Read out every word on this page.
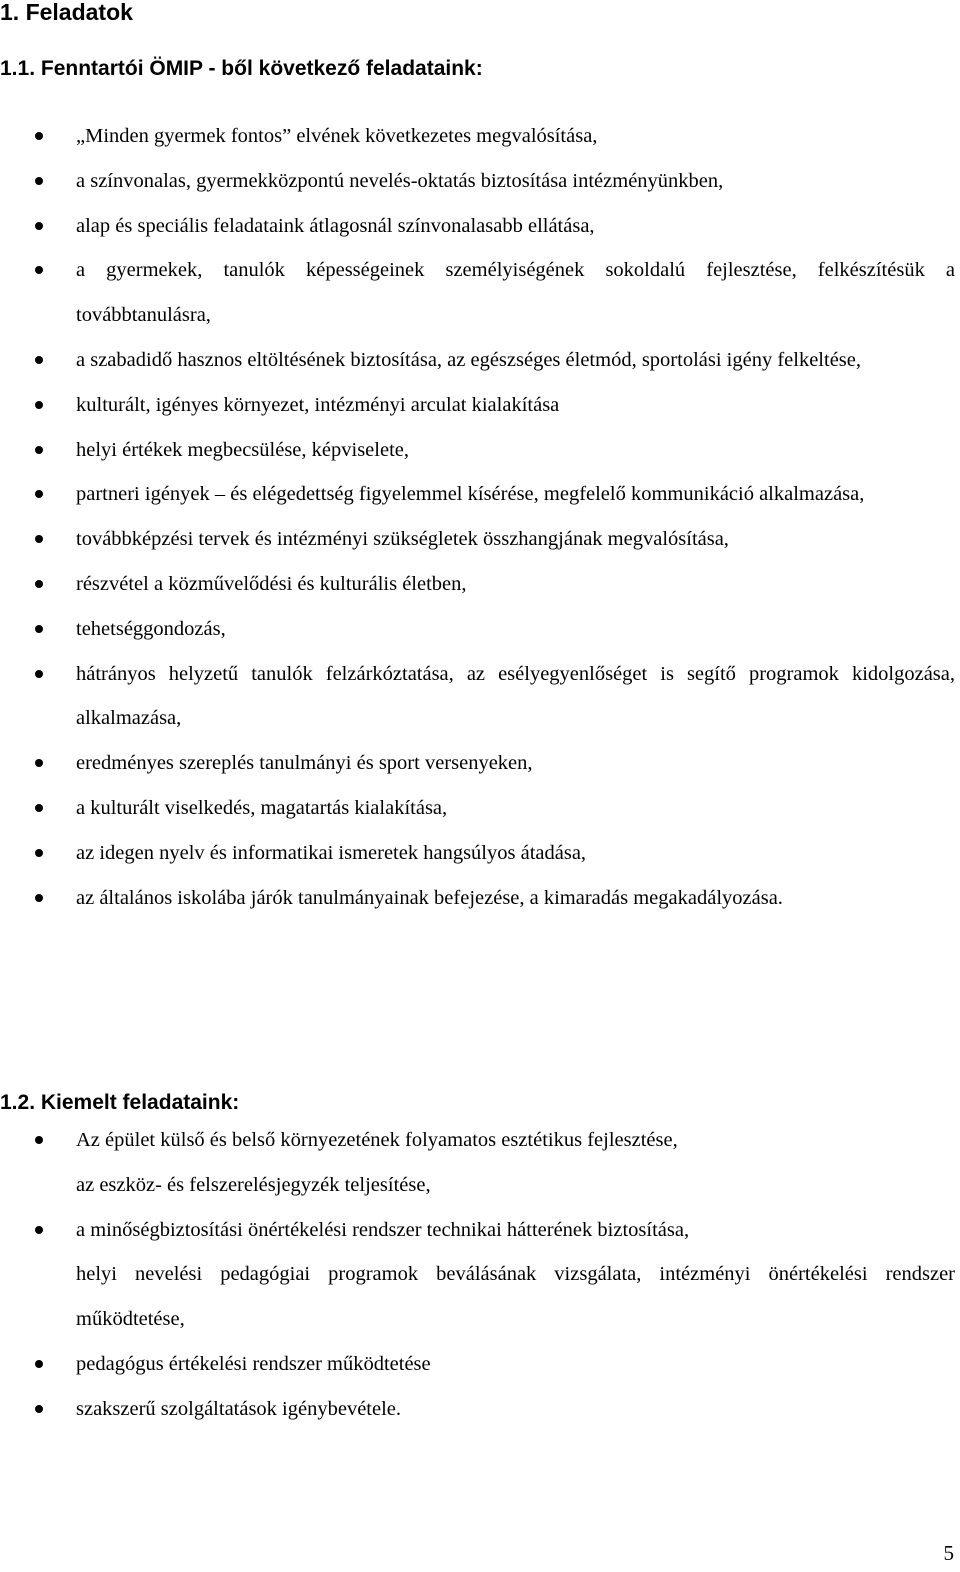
1. Feladatok
1.1. Fenntartói ÖMIP - ből következő feladataink:
„Minden gyermek fontos” elvének következetes megvalósítása,
a színvonalas, gyermekközpontú nevelés-oktatás biztosítása intézményünkben,
alap és speciális feladataink átlagosnál színvonalasabb ellátása,
a gyermekek, tanulók képességeinek személyiségének sokoldalú fejlesztése, felkészítésük a továbbtanulásra,
a szabadidő hasznos eltöltésének biztosítása, az egészséges életmód, sportolási igény felkeltése,
kulturált, igényes környezet, intézményi arculat kialakítása
helyi értékek megbecsülése, képviselete,
partneri igények – és elégedettség figyelemmel kísérése, megfelelő kommunikáció alkalmazása,
továbbképzési tervek és intézményi szükségletek összhangjának megvalósítása,
részvétel a közművelődési és kulturális életben,
tehetséggondozás,
hátrányos helyzetű tanulók felzárkóztatása, az esélyegyenlőséget is segítő programok kidolgozása, alkalmazása,
eredményes szereplés tanulmányi és sport versenyeken,
a kulturált viselkedés, magatartás kialakítása,
az idegen nyelv és informatikai ismeretek hangsúlyos átadása,
az általános iskolába járók tanulmányainak befejezése, a kimaradás megakadályozása.
1.2. Kiemelt feladataink:
Az épület külső és belső környezetének folyamatos esztétikus fejlesztése,
az eszköz- és felszerelésjegyzék teljesítése,
a minőségbiztosítási önértékelési rendszer technikai hátterének biztosítása,
helyi nevelési pedagógiai programok beválásának vizsgálata, intézményi önértékelési rendszer működtetése,
pedagógus értékelési rendszer működtetése
szakszerű szolgáltatások igénybevétele.
5
